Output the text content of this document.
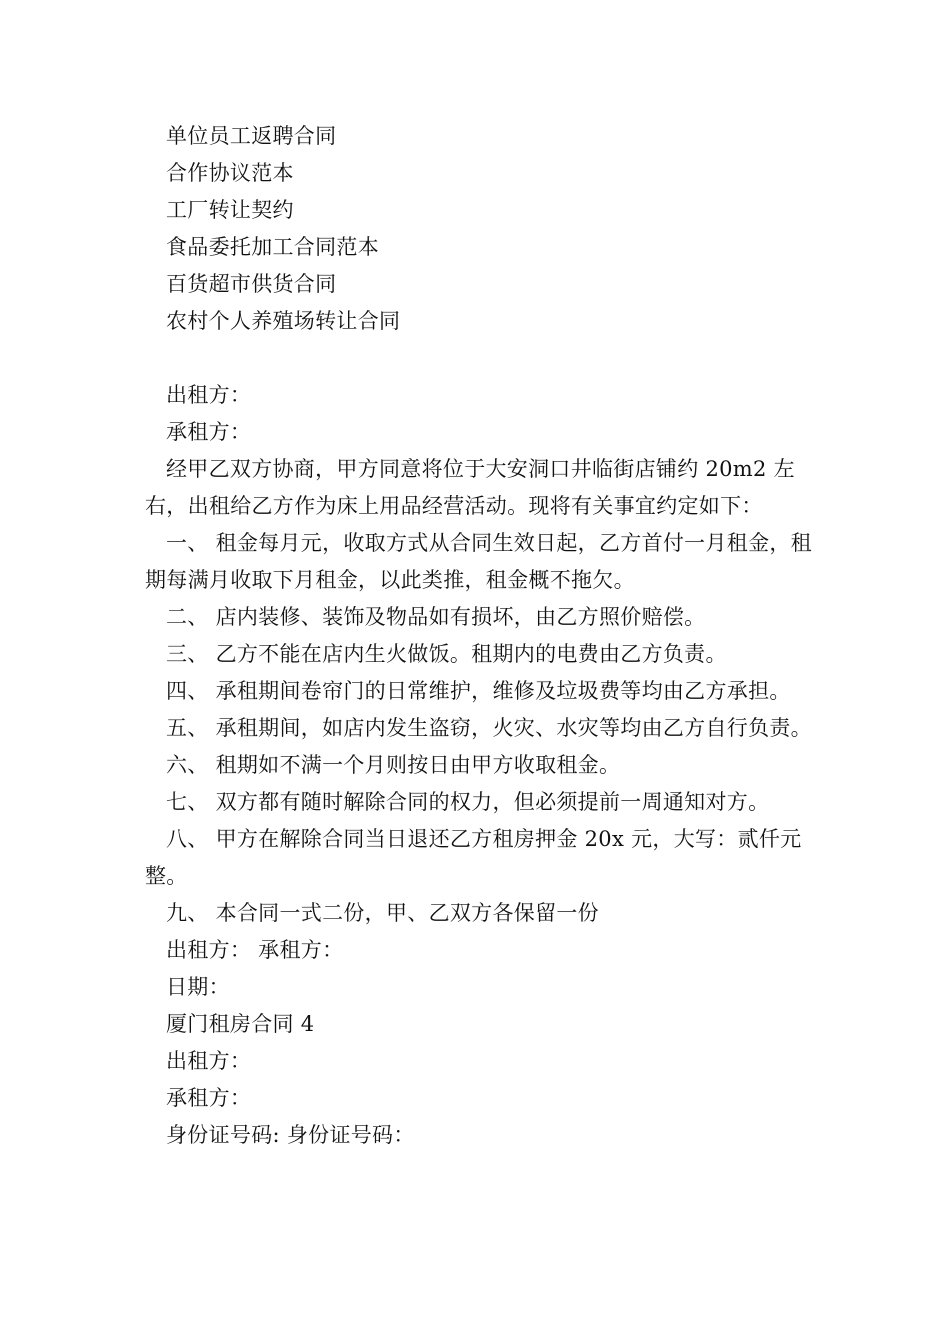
单位员工返聘合同
合作协议范本
工厂转让契约
食品委托加工合同范本
百货超市供货合同
农村个人养殖场转让合同
出租方：
承租方：
经甲乙双方协商，甲方同意将位于大安洞口井临街店铺约 20m2 左右，出租给乙方作为床上用品经营活动。现将有关事宜约定如下：
一、 租金每月元，收取方式从合同生效日起，乙方首付一月租金，租期每满月收取下月租金，以此类推，租金概不拖欠。
二、 店内装修、装饰及物品如有损坏，由乙方照价赔偿。
三、 乙方不能在店内生火做饭。租期内的电费由乙方负责。
四、 承租期间卷帘门的日常维护，维修及垃圾费等均由乙方承担。
五、 承租期间，如店内发生盗窃，火灾、水灾等均由乙方自行负责。
六、 租期如不满一个月则按日由甲方收取租金。
七、 双方都有随时解除合同的权力，但必须提前一周通知对方。
八、 甲方在解除合同当日退还乙方租房押金 20x 元，大写：贰仟元整。
九、 本合同一式二份，甲、乙双方各保留一份
出租方： 承租方：
日期：
厦门租房合同 4
出租方：
承租方：
身份证号码: 身份证号码：
